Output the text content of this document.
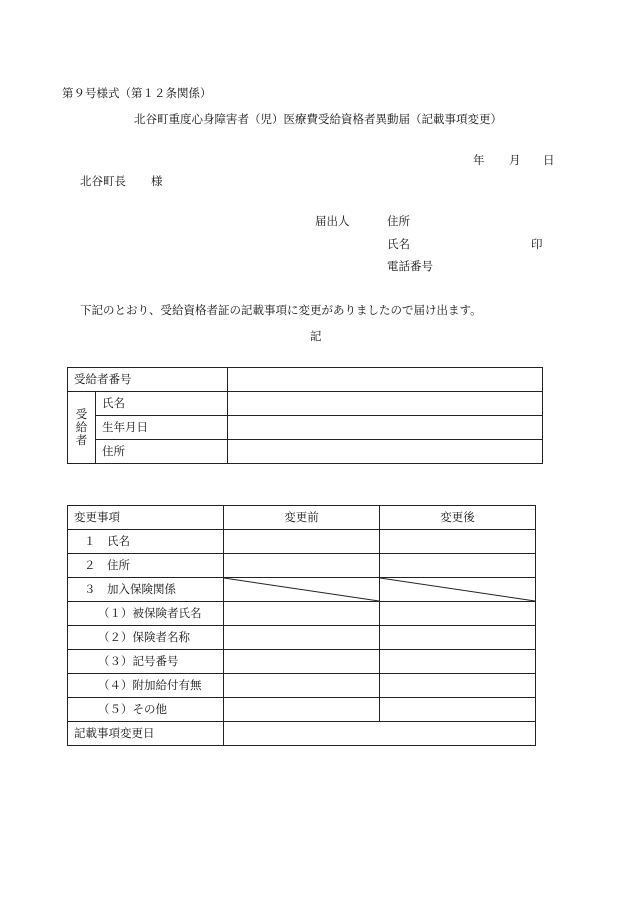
第９号様式（第１２条関係）
北谷町重度心身障害者（児）医療費受給資格者異動届（記載事項変更）
年 月 日
北谷町長 様
届出人	住所
氏名	印
電話番号
下記のとおり、受給資格者証の記載事項に変更がありましたので届け出ます。
記
受給者番号		

受
給
者	氏名	
	生年月日	
	住所	
変更事項	変更前	変更後
１　氏名		
２　住所		
３　加入保険関係	

（１）被保険者氏名		
（２）保険者名称		
（３）記号番号		
（４）附加給付有無		
（５）その他		
記載事項変更日		
